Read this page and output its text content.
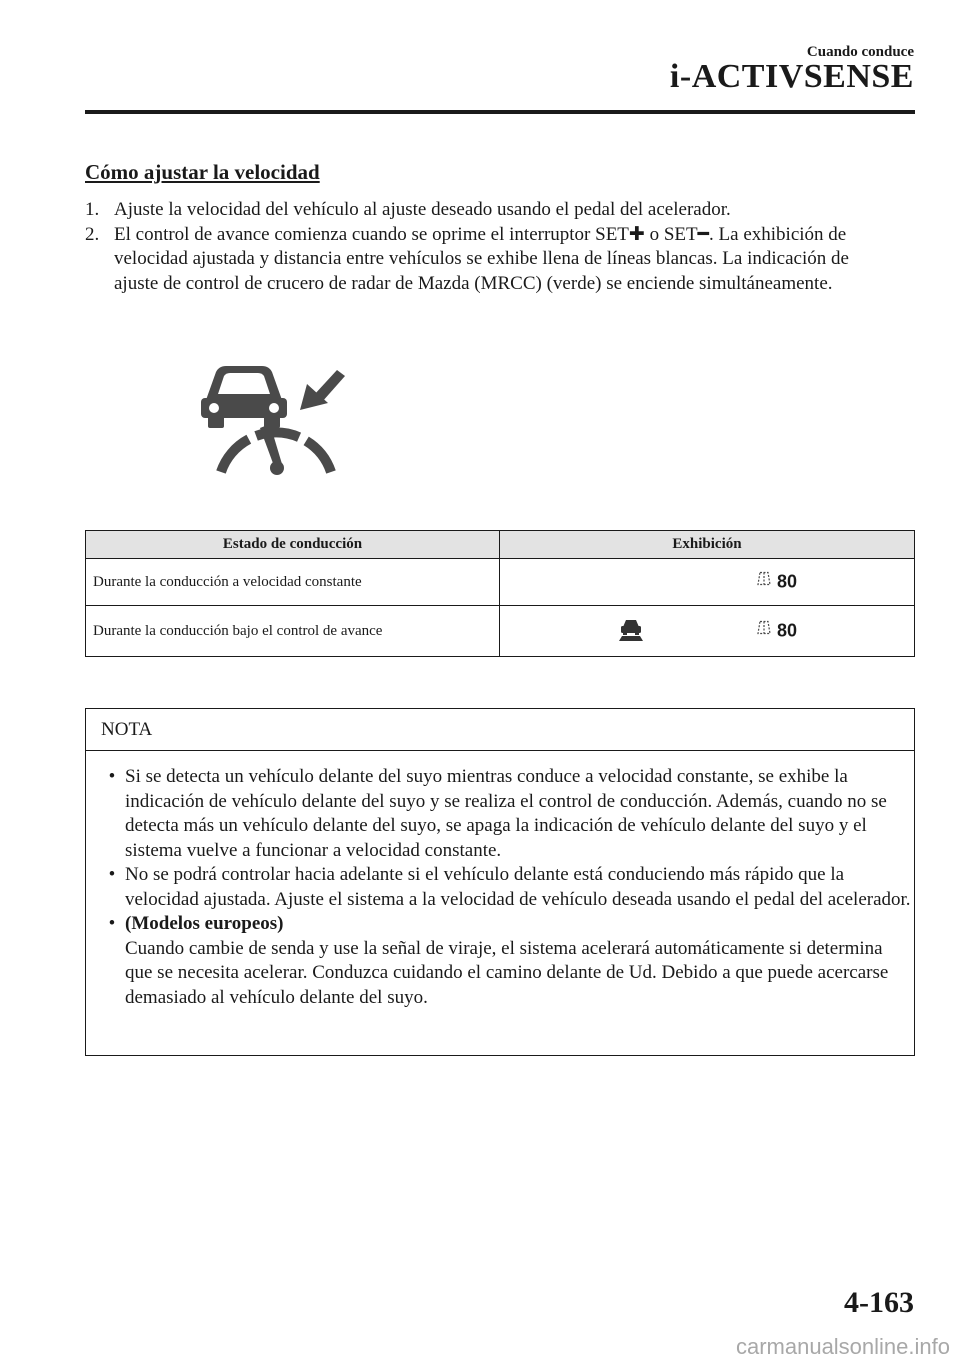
Cuando conduce
i-ACTIVSENSE
Cómo ajustar la velocidad
1. Ajuste la velocidad del vehículo al ajuste deseado usando el pedal del acelerador.
2. El control de avance comienza cuando se oprime el interruptor SET✚ o SET━. La exhibición de velocidad ajustada y distancia entre vehículos se exhibe llena de líneas blancas. La indicación de ajuste de control de crucero de radar de Mazda (MRCC) (verde) se enciende simultáneamente.
Estado de conducción	Exhibición
Durante la conducción a velocidad constante	80

Durante la conducción bajo el control de avance	80
NOTA
• Si se detecta un vehículo delante del suyo mientras conduce a velocidad constante, se exhibe la indicación de vehículo delante del suyo y se realiza el control de conducción. Además, cuando no se detecta más un vehículo delante del suyo, se apaga la indicación de vehículo delante del suyo y el sistema vuelve a funcionar a velocidad constante.
• No se podrá controlar hacia adelante si el vehículo delante está conduciendo más rápido que la velocidad ajustada. Ajuste el sistema a la velocidad de vehículo deseada usando el pedal del acelerador.
• (Modelos europeos)
Cuando cambie de senda y use la señal de viraje, el sistema acelerará automáticamente si determina que se necesita acelerar. Conduzca cuidando el camino delante de Ud. Debido a que puede acercarse demasiado al vehículo delante del suyo.
4-163
carmanualsonline.info
